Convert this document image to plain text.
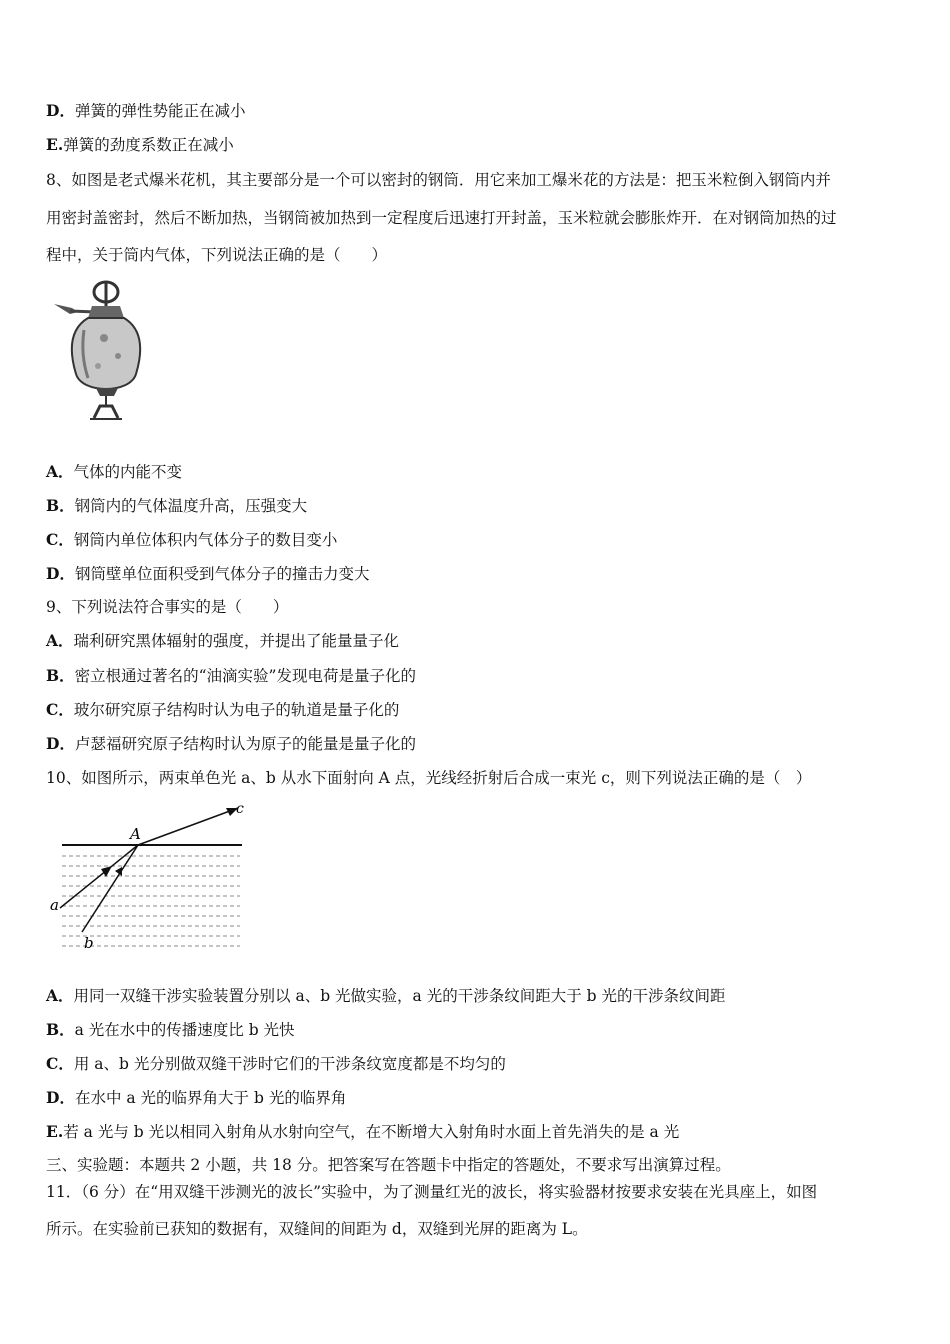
D．弹簧的弹性势能正在减小
E.弹簧的劲度系数正在减小
8、如图是老式爆米花机，其主要部分是一个可以密封的钢筒．用它来加工爆米花的方法是：把玉米粒倒入钢筒内并
用密封盖密封，然后不断加热，当钢筒被加热到一定程度后迅速打开封盖，玉米粒就会膨胀炸开．在对钢筒加热的过
程中，关于筒内气体，下列说法正确的是（　　）
A．气体的内能不变
B．钢筒内的气体温度升高，压强变大
C．钢筒内单位体积内气体分子的数目变小
D．钢筒壁单位面积受到气体分子的撞击力变大
9、下列说法符合事实的是（　　）
A．瑞利研究黑体辐射的强度，并提出了能量量子化
B．密立根通过著名的“油滴实验”发现电荷是量子化的
C．玻尔研究原子结构时认为电子的轨道是量子化的
D．卢瑟福研究原子结构时认为原子的能量是量子化的
10、如图所示，两束单色光 a、b 从水下面射向 A 点，光线经折射后合成一束光 c，则下列说法正确的是（　）
A
a
b
c
A．用同一双缝干涉实验装置分别以 a、b 光做实验，a 光的干涉条纹间距大于 b 光的干涉条纹间距
B．a 光在水中的传播速度比 b 光快
C．用 a、b 光分别做双缝干涉时它们的干涉条纹宽度都是不均匀的
D．在水中 a 光的临界角大于 b 光的临界角
E.若 a 光与 b 光以相同入射角从水射向空气，在不断增大入射角时水面上首先消失的是 a 光
三、实验题：本题共 2 小题，共 18 分。把答案写在答题卡中指定的答题处，不要求写出演算过程。
11．（6 分）在“用双缝干涉测光的波长”实验中，为了测量红光的波长，将实验器材按要求安装在光具座上，如图
所示。在实验前已获知的数据有，双缝间的间距为 d，双缝到光屏的距离为 L。
